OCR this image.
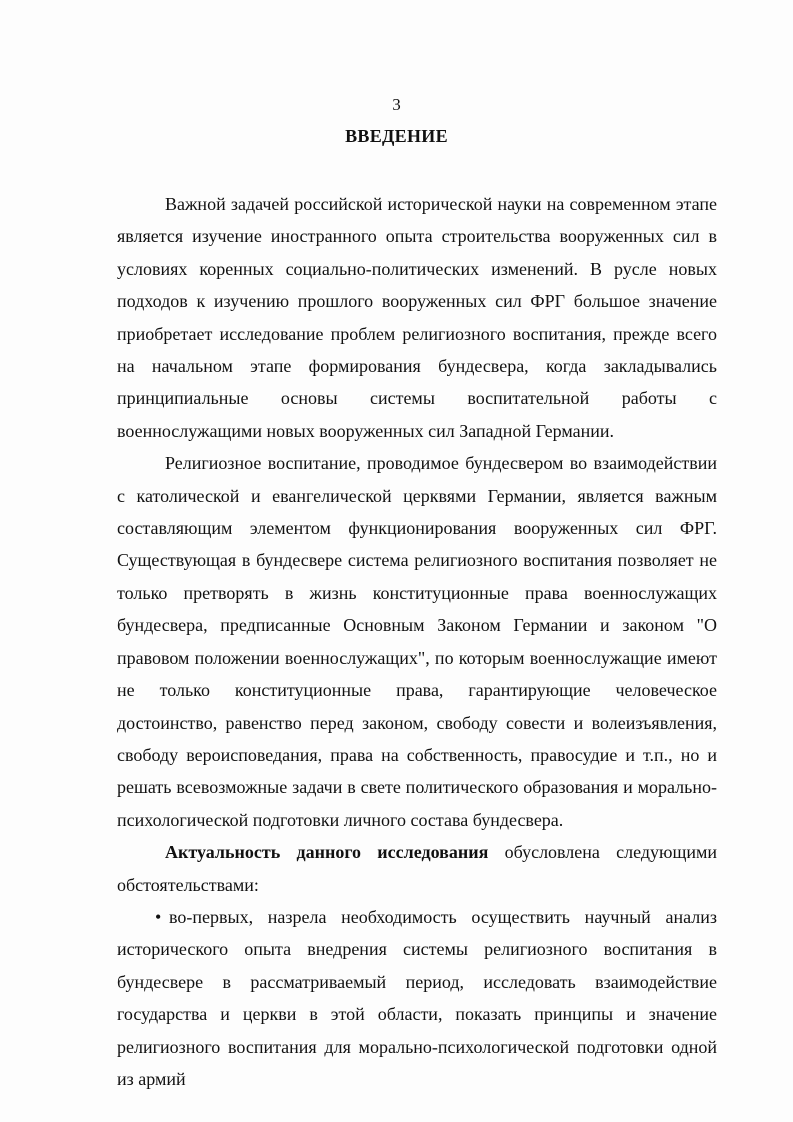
3
ВВЕДЕНИЕ

Важной задачей российской исторической науки на современном этапе является изучение иностранного опыта строительства вооруженных сил в условиях коренных социально-политических изменений. В русле новых подходов к изучению прошлого вооруженных сил ФРГ большое значение приобретает исследование проблем религиозного воспитания, прежде всего на начальном этапе формирования бундесвера, когда закладывались принципиальные основы системы воспитательной работы с военнослужащими новых вооруженных сил Западной Германии.

Религиозное воспитание, проводимое бундесвером во взаимодействии с католической и евангелической церквями Германии, является важным составляющим элементом функционирования вооруженных сил ФРГ. Существующая в бундесвере система религиозного воспитания позволяет не только претворять в жизнь конституционные права военнослужащих бундесвера, предписанные Основным Законом Германии и законом "О правовом положении военнослужащих", по которым военнослужащие имеют не только конституционные права, гарантирующие человеческое достоинство, равенство перед законом, свободу совести и волеизъявления, свободу вероисповедания, права на собственность, правосудие и т.п., но и решать всевозможные задачи в свете политического образования и морально-психологической подготовки личного состава бундесвера.

Актуальность данного исследования обусловлена следующими обстоятельствами:

• во-первых, назрела необходимость осуществить научный анализ исторического опыта внедрения системы религиозного воспитания в бундесвере в рассматриваемый период, исследовать взаимодействие государства и церкви в этой области, показать принципы и значение религиозного воспитания для морально-психологической подготовки одной из армий
